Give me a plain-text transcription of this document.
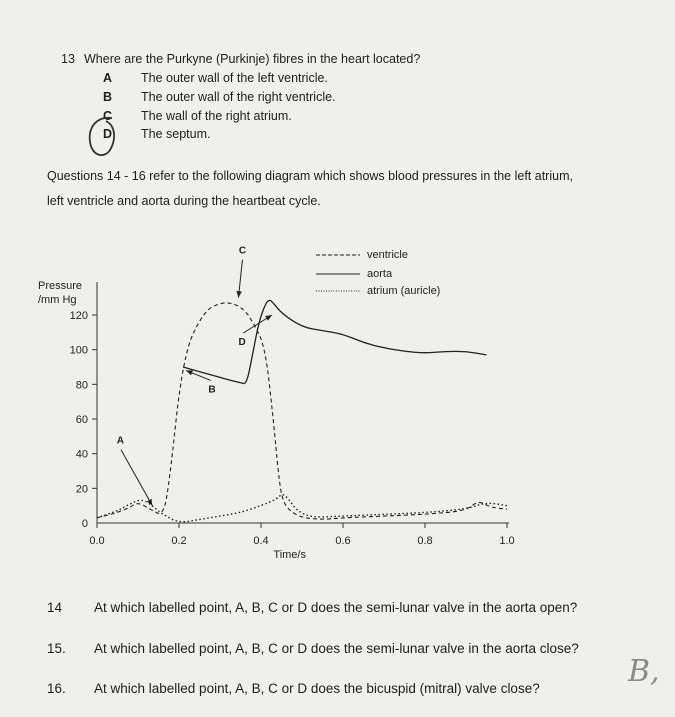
13 Where are the Purkyne (Purkinje) fibres in the heart located?
A The outer wall of the left ventricle.
B The outer wall of the right ventricle.
C The wall of the right atrium.
D The septum.
Questions 14 - 16 refer to the following diagram which shows blood pressures in the left atrium,
left ventricle and aorta during the heartbeat cycle.
0
20
40
60
80
100
120
Pressure
/mm Hg
0.0	0.2	0.4	0.6	0.8	1.0
Time/s
A
B
C
D
ventricle
aorta
atrium (auricle)
14 At which labelled point, A, B, C or D does the semi-lunar valve in the aorta open?
15. At which labelled point, A, B, C or D does the semi-lunar valve in the aorta close?
16. At which labelled point, A, B, C or D does the bicuspid (mitral) valve close?	B,
